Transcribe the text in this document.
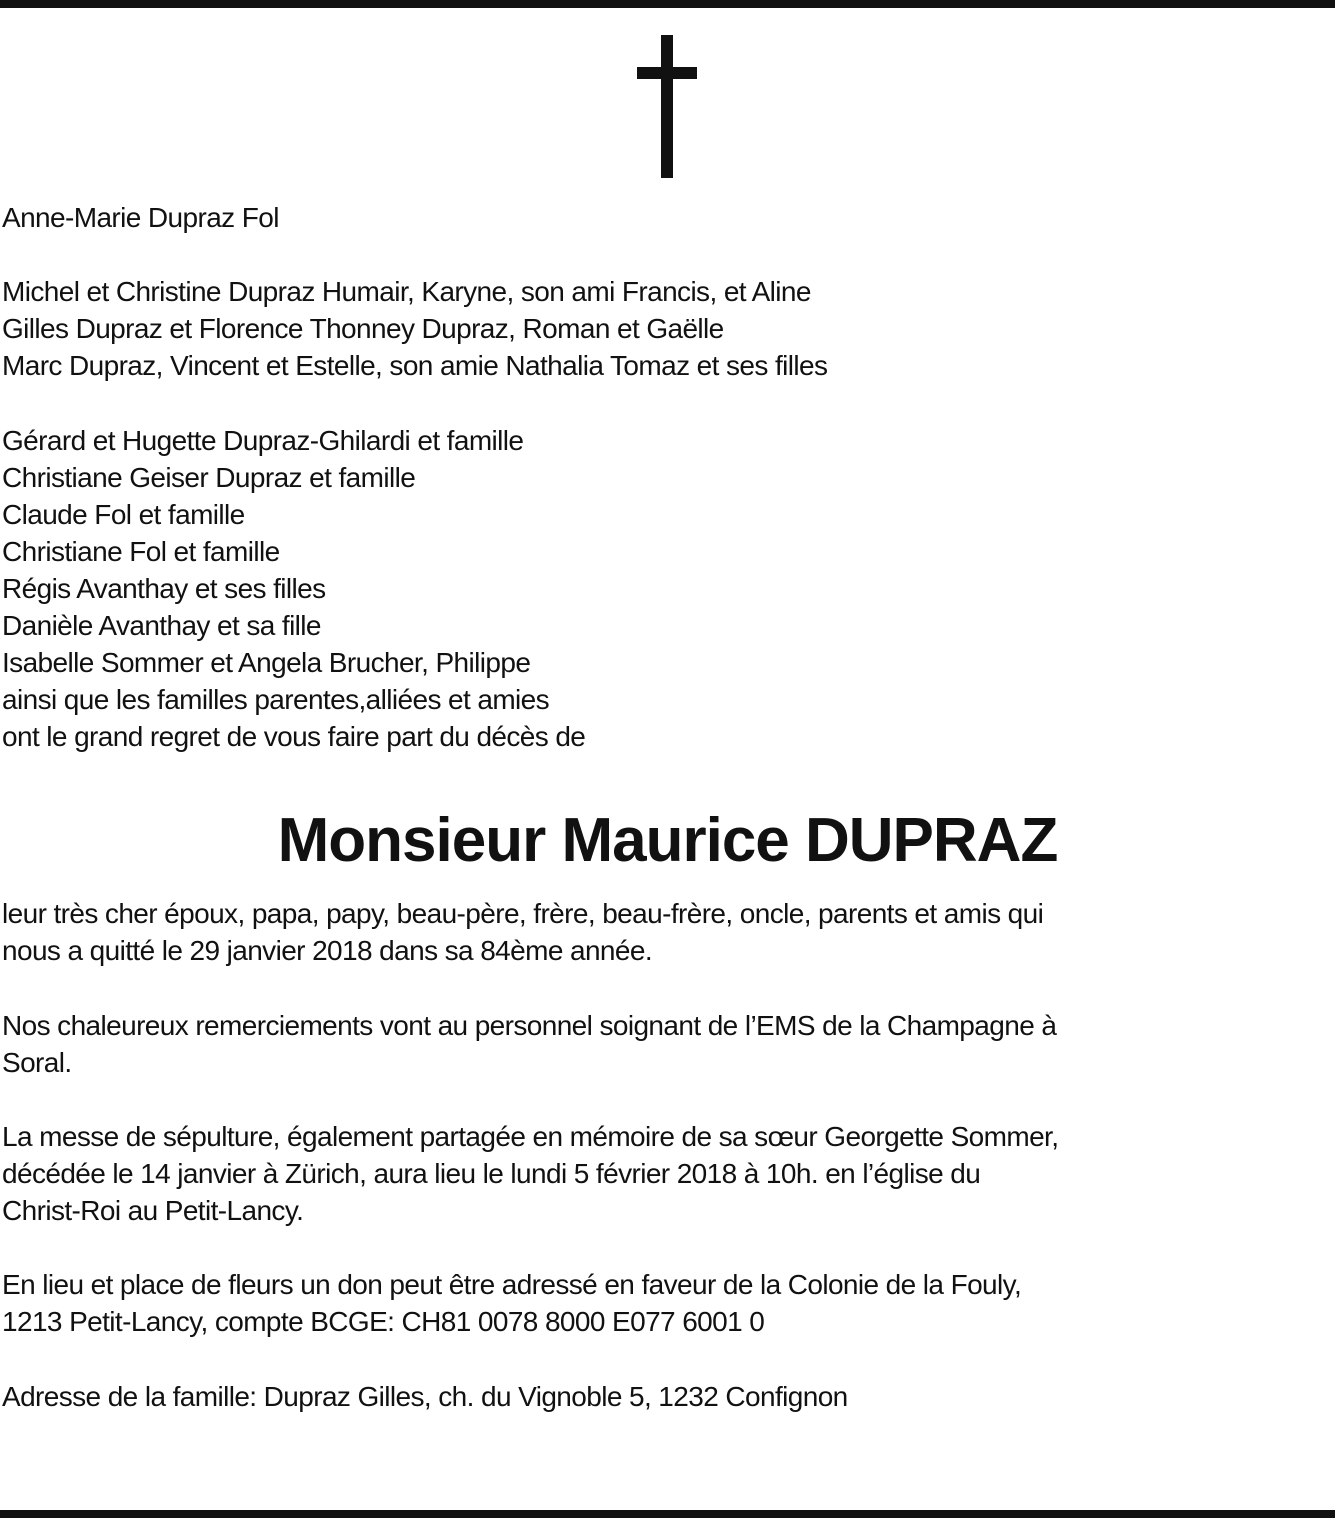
Anne-Marie Dupraz Fol

Michel et Christine Dupraz Humair, Karyne, son ami Francis, et Aline
Gilles Dupraz et Florence Thonney Dupraz, Roman et Gaëlle
Marc Dupraz, Vincent et Estelle, son amie Nathalia Tomaz et ses filles

Gérard et Hugette Dupraz-Ghilardi et famille
Christiane Geiser Dupraz et famille
Claude Fol et famille
Christiane Fol et famille
Régis Avanthay et ses filles
Danièle Avanthay et sa fille
Isabelle Sommer et Angela Brucher, Philippe
ainsi que les familles parentes,alliées et amies
ont le grand regret de vous faire part du décès de

Monsieur Maurice DUPRAZ

leur très cher époux, papa, papy, beau-père, frère, beau-frère, oncle, parents et amis qui
nous a quitté le 29 janvier 2018 dans sa 84ème année.

Nos chaleureux remerciements vont au personnel soignant de l’EMS de la Champagne à
Soral.

La messe de sépulture, également partagée en mémoire de sa sœur Georgette Sommer,
décédée le 14 janvier à Zürich, aura lieu le lundi 5 février 2018 à 10h. en l’église du
Christ-Roi au Petit-Lancy.

En lieu et place de fleurs un don peut être adressé en faveur de la Colonie de la Fouly,
1213 Petit-Lancy, compte BCGE: CH81 0078 8000 E077 6001 0

Adresse de la famille: Dupraz Gilles, ch. du Vignoble 5, 1232 Confignon
